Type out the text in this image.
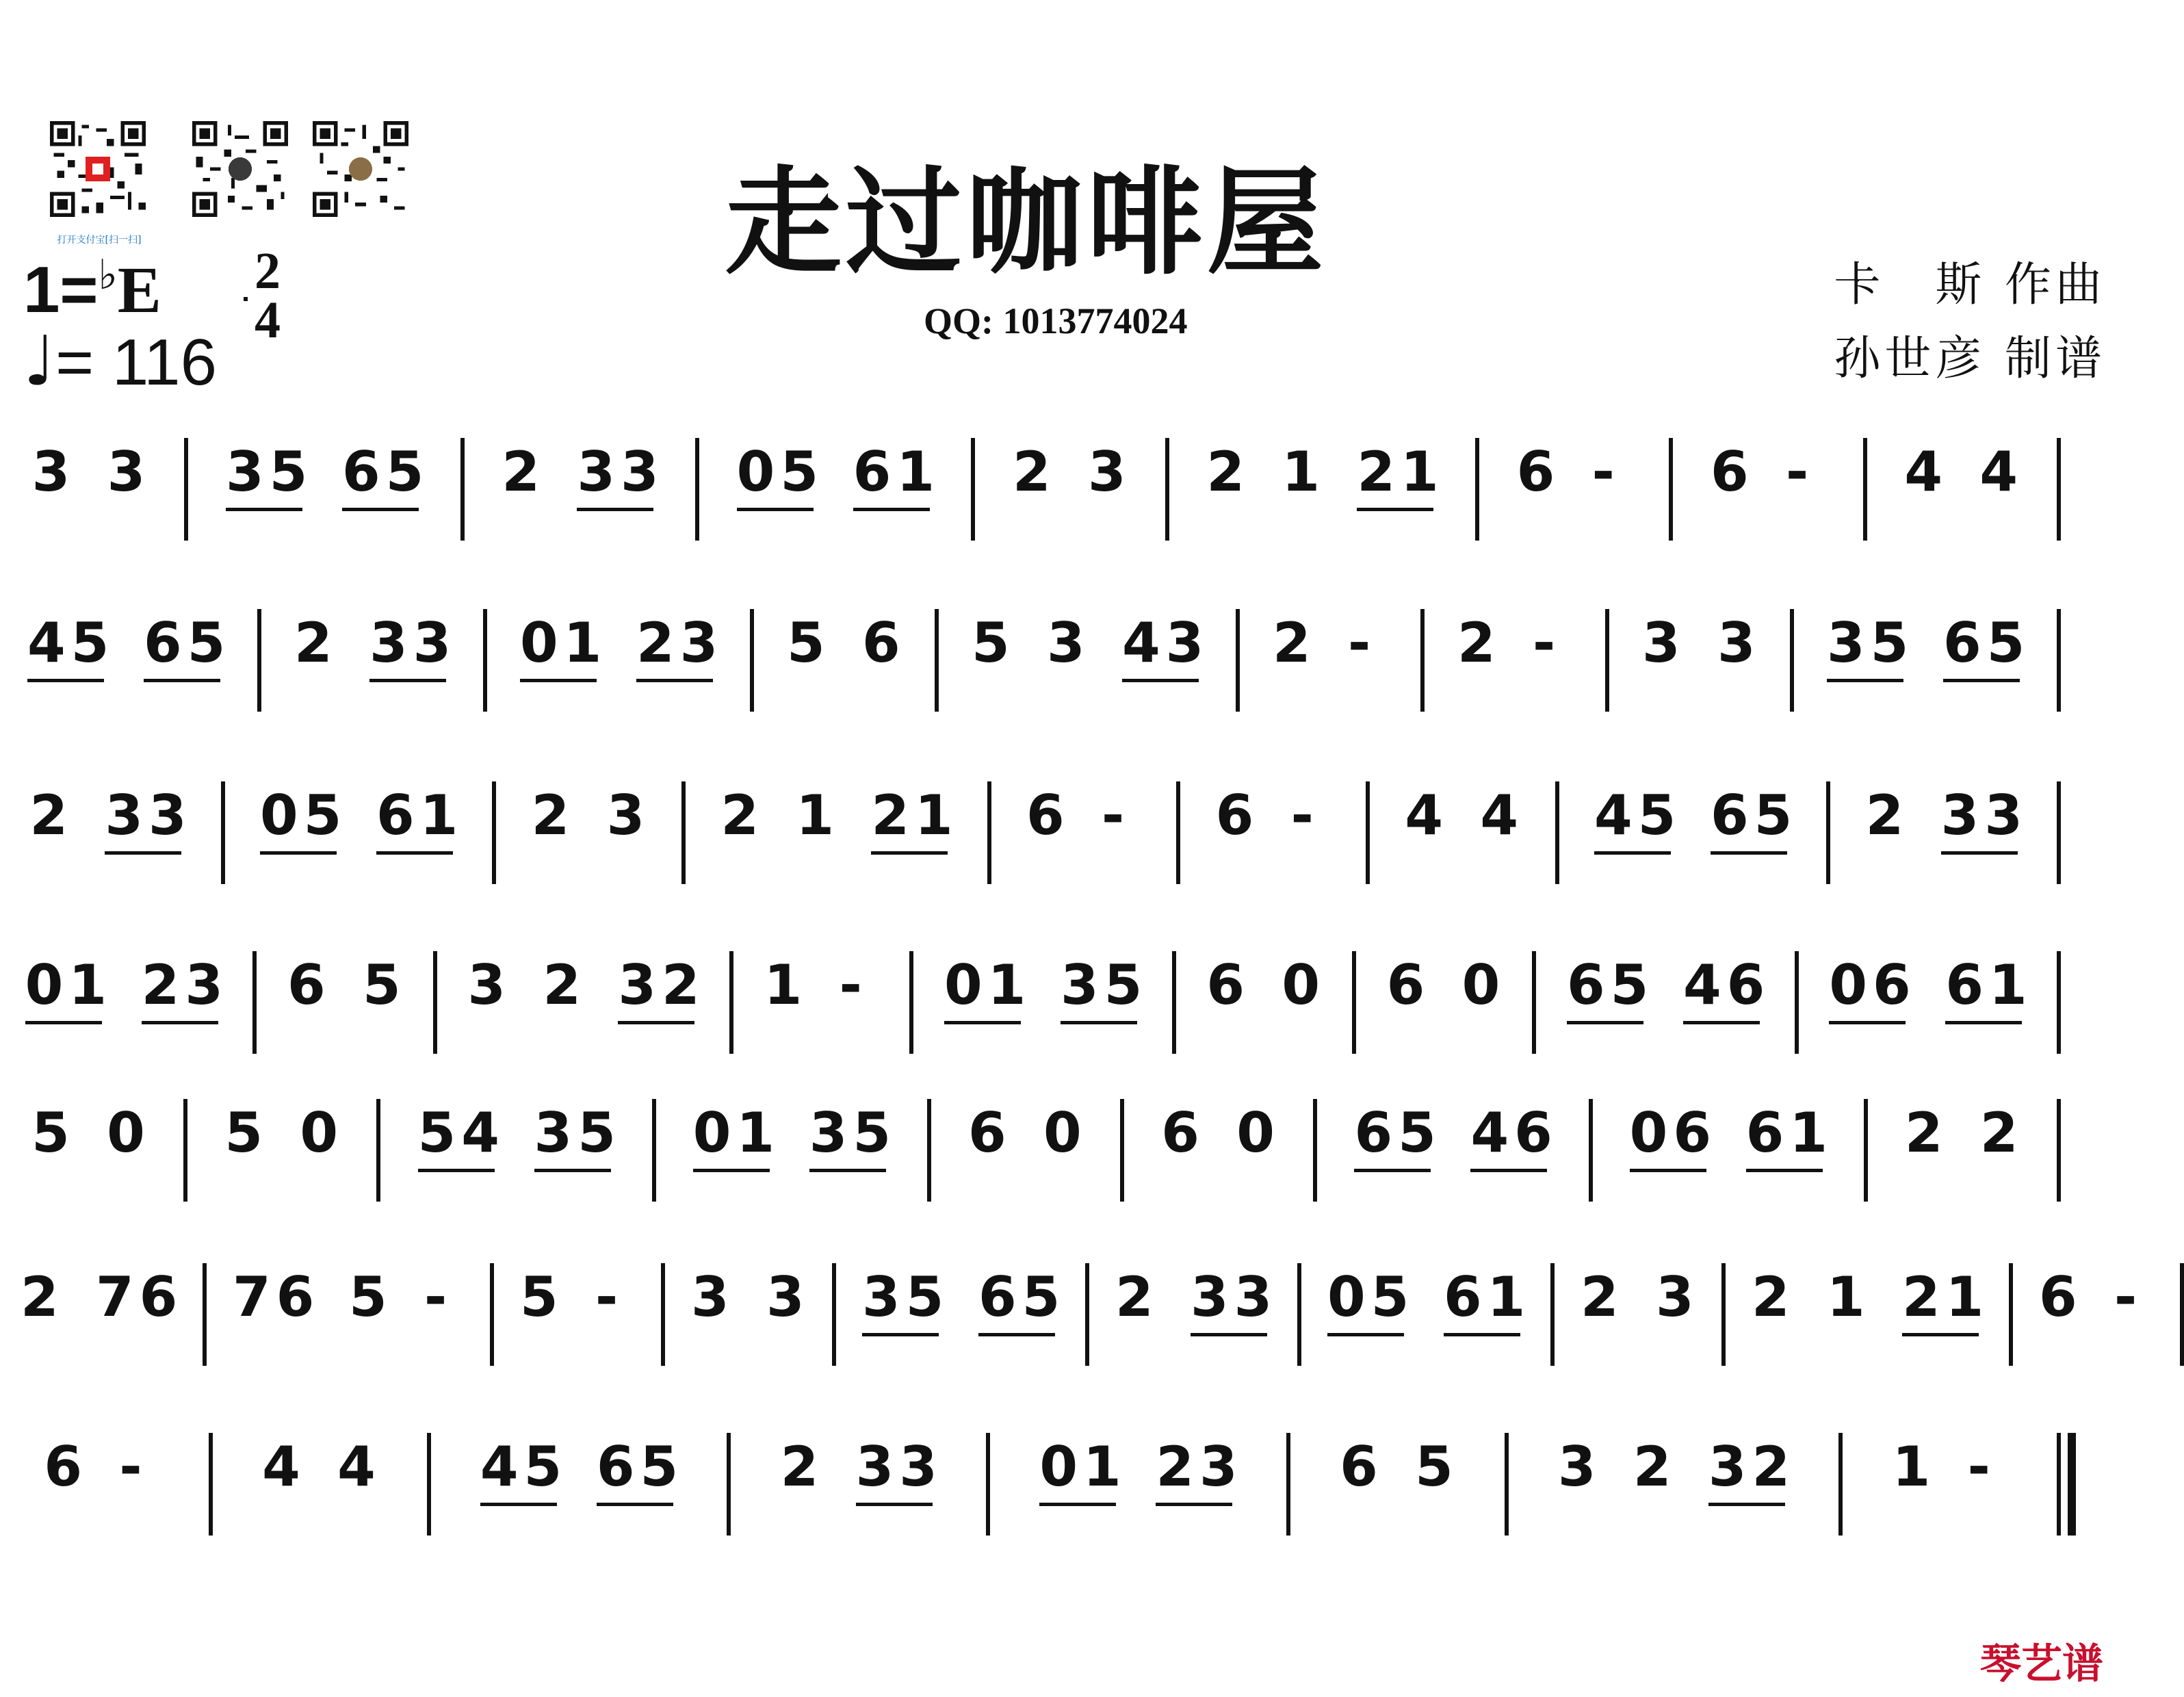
打开支付宝[扫一扫]	走过咖啡屋
QQ: 1013774024
卡　斯 作曲
孙世彦 制谱
1=♭E 2
4
♩= 116
3 3 35 65 2 33 05 61 2 3 2 1 21 6 - 6 - 4 4
45 65 2 33 01 23 5 6 5 3 43 2 - 2 - 3 3 35 65
2 33 05 61 2 3 2 1 21 6 - 6 - 4 4 45 65 2 33
01 23 6 5 3 2 32 1 - 01 35 6 0 6 0 65 46 06 61
5 0 5 0 54 35 01 35 6 0 6 0 65 46 06 61 2 2
2 76 76 5 - 5 - 3 3 35 65 2 33 05 61 2 3 2 1 21 6 -
6 - 4 4 45 65 2 33 01 23 6 5 3 2 32 1 -
琴艺谱
